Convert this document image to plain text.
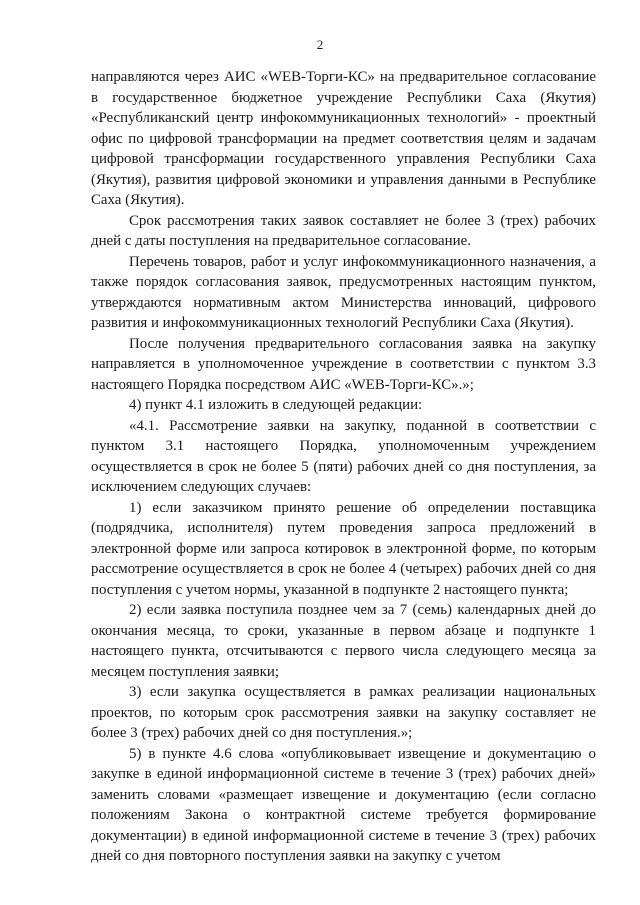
2

направляются через АИС «WEB-Торги-КС» на предварительное согласование в государственное бюджетное учреждение Республики Саха (Якутия) «Республиканский центр инфокоммуникационных технологий» - проектный офис по цифровой трансформации на предмет соответствия целям и задачам цифровой трансформации государственного управления Республики Саха (Якутия), развития цифровой экономики и управления данными в Республике Саха (Якутия).

Срок рассмотрения таких заявок составляет не более 3 (трех) рабочих дней с даты поступления на предварительное согласование.

Перечень товаров, работ и услуг инфокоммуникационного назначения, а также порядок согласования заявок, предусмотренных настоящим пунктом, утверждаются нормативным актом Министерства инноваций, цифрового развития и инфокоммуникационных технологий Республики Саха (Якутия).

После получения предварительного согласования заявка на закупку направляется в уполномоченное учреждение в соответствии с пунктом 3.3 настоящего Порядка посредством АИС «WEB-Торги-КС».»;

4) пункт 4.1 изложить в следующей редакции:

«4.1. Рассмотрение заявки на закупку, поданной в соответствии с пунктом 3.1 настоящего Порядка, уполномоченным учреждением осуществляется в срок не более 5 (пяти) рабочих дней со дня поступления, за исключением следующих случаев:

1) если заказчиком принято решение об определении поставщика (подрядчика, исполнителя) путем проведения запроса предложений в электронной форме или запроса котировок в электронной форме, по которым рассмотрение осуществляется в срок не более 4 (четырех) рабочих дней со дня поступления с учетом нормы, указанной в подпункте 2 настоящего пункта;

2) если заявка поступила позднее чем за 7 (семь) календарных дней до окончания месяца, то сроки, указанные в первом абзаце и подпункте 1 настоящего пункта, отсчитываются с первого числа следующего месяца за месяцем поступления заявки;

3) если закупка осуществляется в рамках реализации национальных проектов, по которым срок рассмотрения заявки на закупку составляет не более 3 (трех) рабочих дней со дня поступления.»;

5) в пункте 4.6 слова «опубликовывает извещение и документацию о закупке в единой информационной системе в течение 3 (трех) рабочих дней» заменить словами «размещает извещение и документацию (если согласно положениям Закона о контрактной системе требуется формирование документации) в единой информационной системе в течение 3 (трех) рабочих дней со дня повторного поступления заявки на закупку с учетом
